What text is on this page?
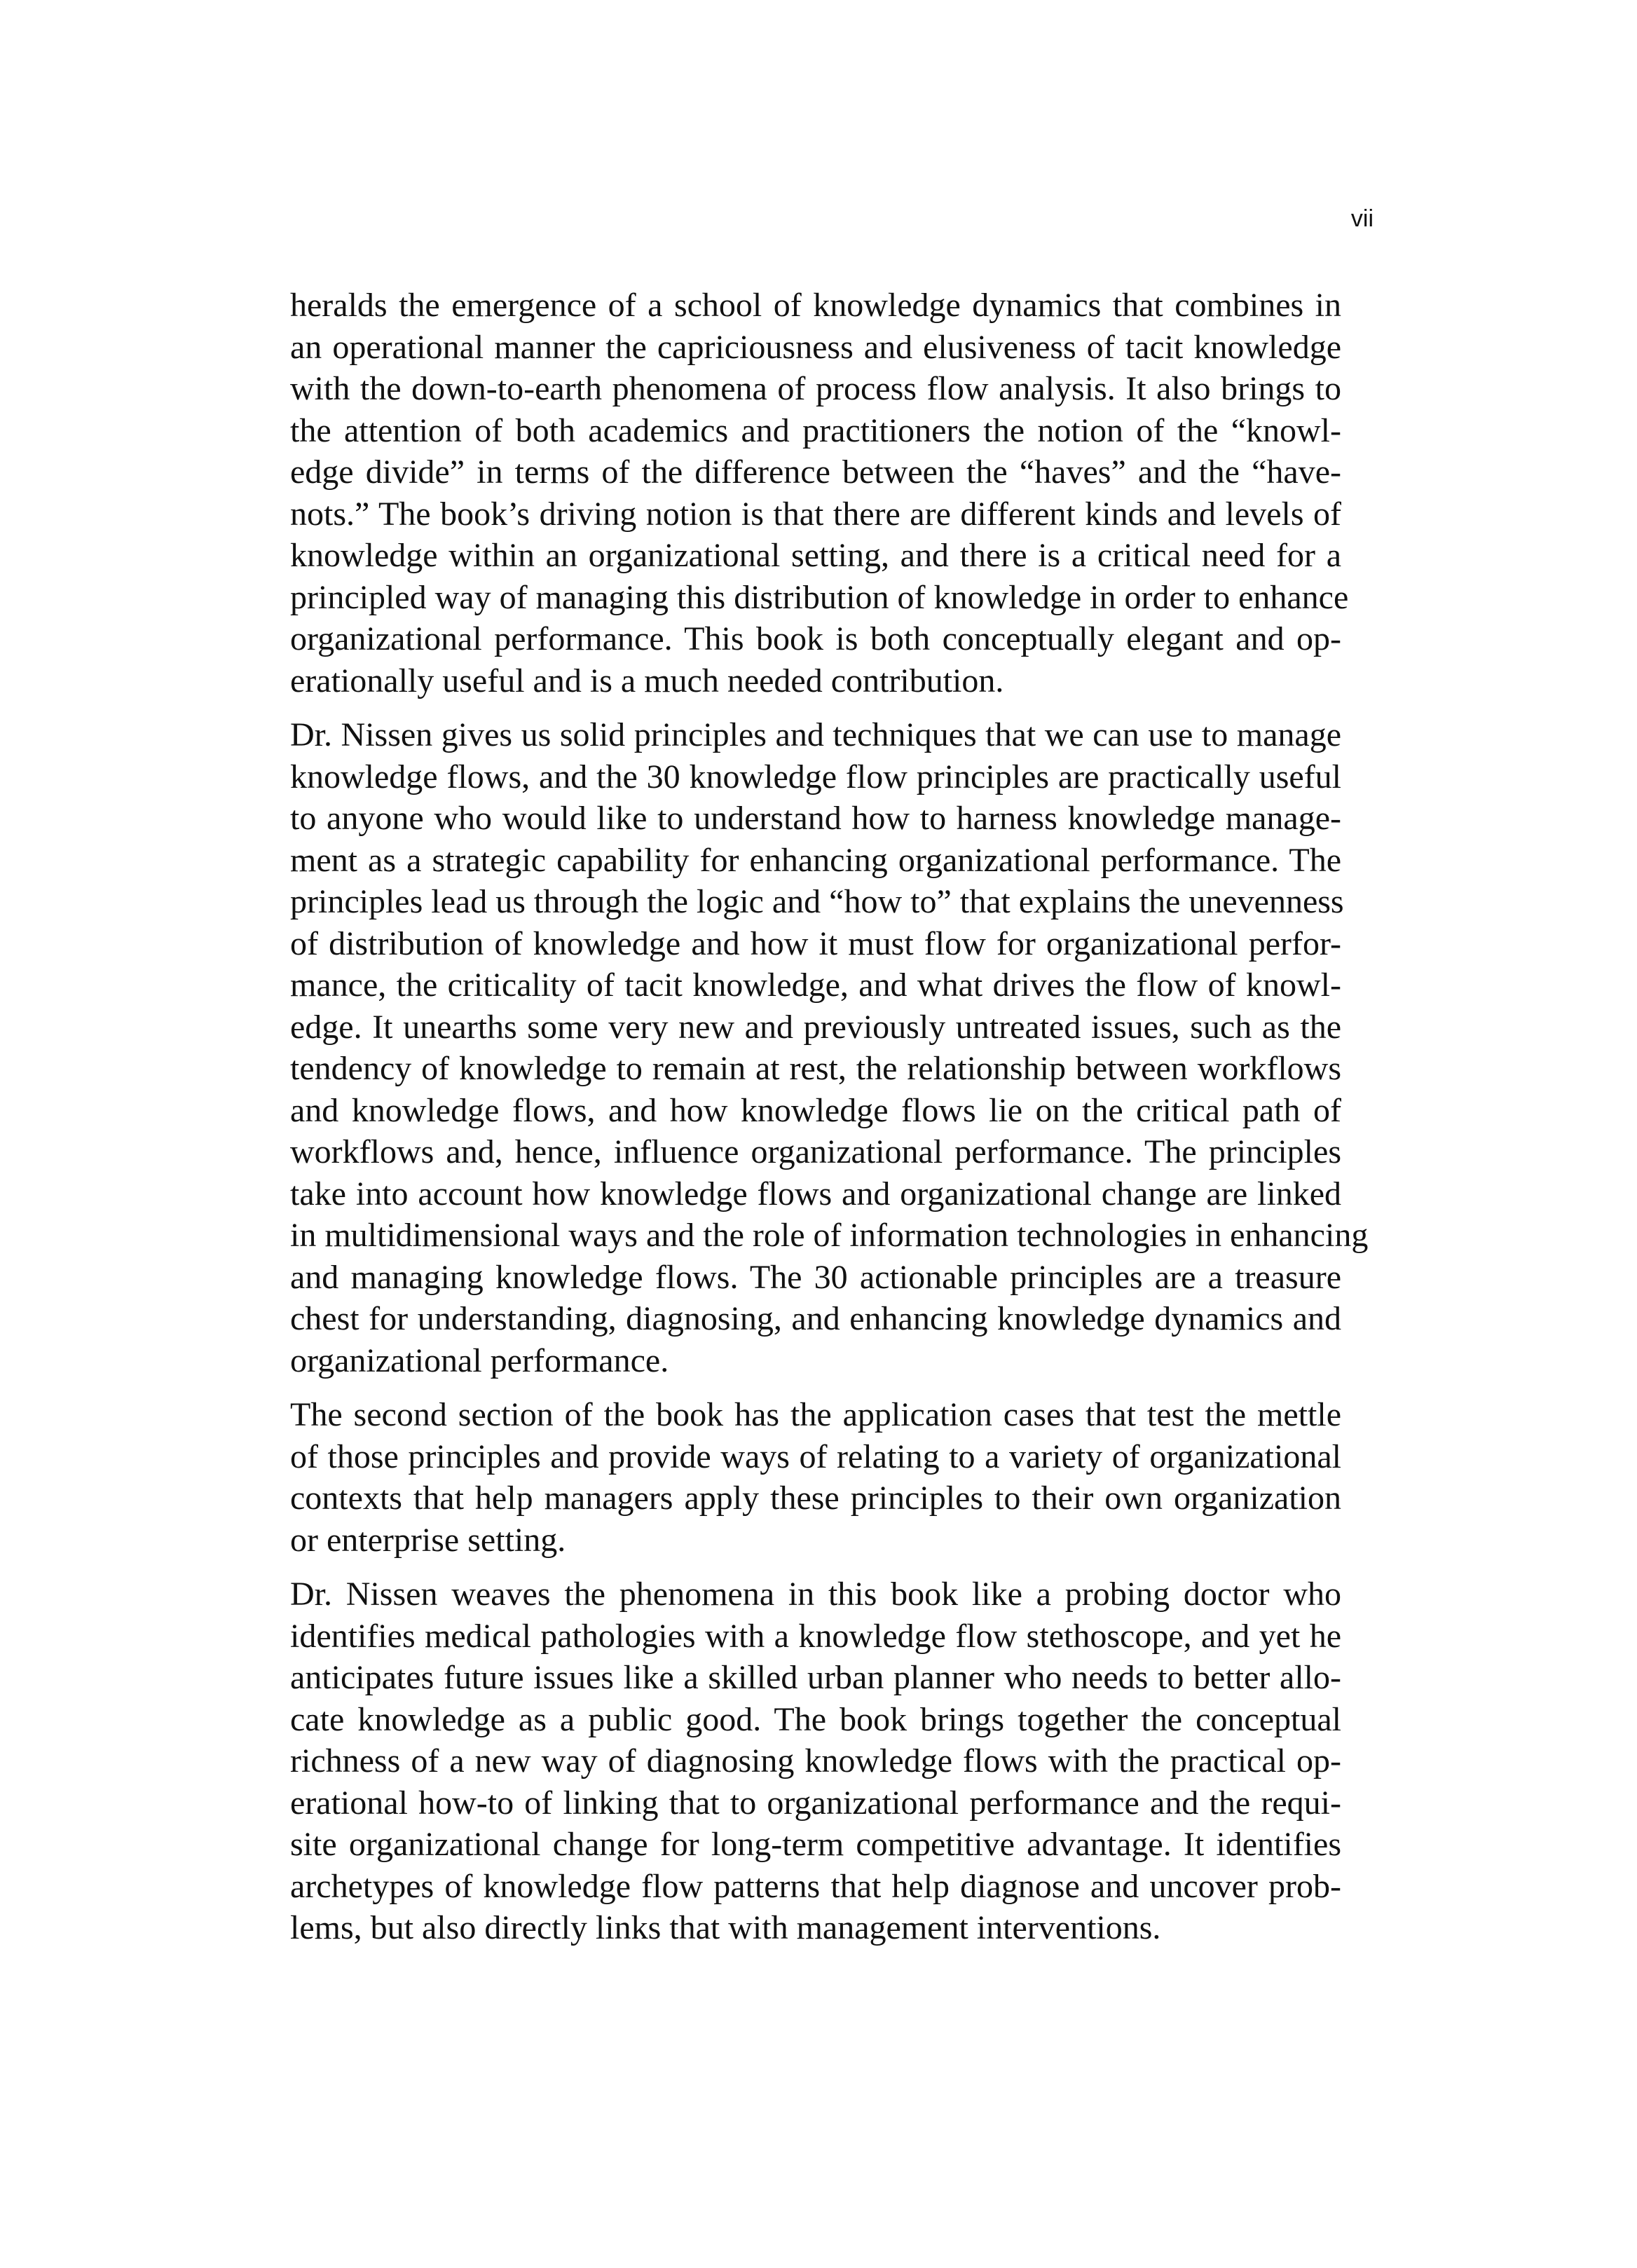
vii

heralds the emergence of a school of knowledge dynamics that combines in
an operational manner the capriciousness and elusiveness of tacit knowledge
with the down-to-earth phenomena of process flow analysis. It also brings to
the attention of both academics and practitioners the notion of the “knowl-
edge divide” in terms of the difference between the “haves” and the “have-
nots.” The book’s driving notion is that there are different kinds and levels of
knowledge within an organizational setting, and there is a critical need for a
principled way of managing this distribution of knowledge in order to enhance
organizational performance. This book is both conceptually elegant and op-
erationally useful and is a much needed contribution.

Dr. Nissen gives us solid principles and techniques that we can use to manage
knowledge flows, and the 30 knowledge flow principles are practically useful
to anyone who would like to understand how to harness knowledge manage-
ment as a strategic capability for enhancing organizational performance. The
principles lead us through the logic and “how to” that explains the unevenness
of distribution of knowledge and how it must flow for organizational perfor-
mance, the criticality of tacit knowledge, and what drives the flow of knowl-
edge. It unearths some very new and previously untreated issues, such as the
tendency of knowledge to remain at rest, the relationship between workflows
and knowledge flows, and how knowledge flows lie on the critical path of
workflows and, hence, influence organizational performance. The principles
take into account how knowledge flows and organizational change are linked
in multidimensional ways and the role of information technologies in enhancing
and managing knowledge flows. The 30 actionable principles are a treasure
chest for understanding, diagnosing, and enhancing knowledge dynamics and
organizational performance.

The second section of the book has the application cases that test the mettle
of those principles and provide ways of relating to a variety of organizational
contexts that help managers apply these principles to their own organization
or enterprise setting.

Dr. Nissen weaves the phenomena in this book like a probing doctor who
identifies medical pathologies with a knowledge flow stethoscope, and yet he
anticipates future issues like a skilled urban planner who needs to better allo-
cate knowledge as a public good. The book brings together the conceptual
richness of a new way of diagnosing knowledge flows with the practical op-
erational how-to of linking that to organizational performance and the requi-
site organizational change for long-term competitive advantage. It identifies
archetypes of knowledge flow patterns that help diagnose and uncover prob-
lems, but also directly links that with management interventions.
